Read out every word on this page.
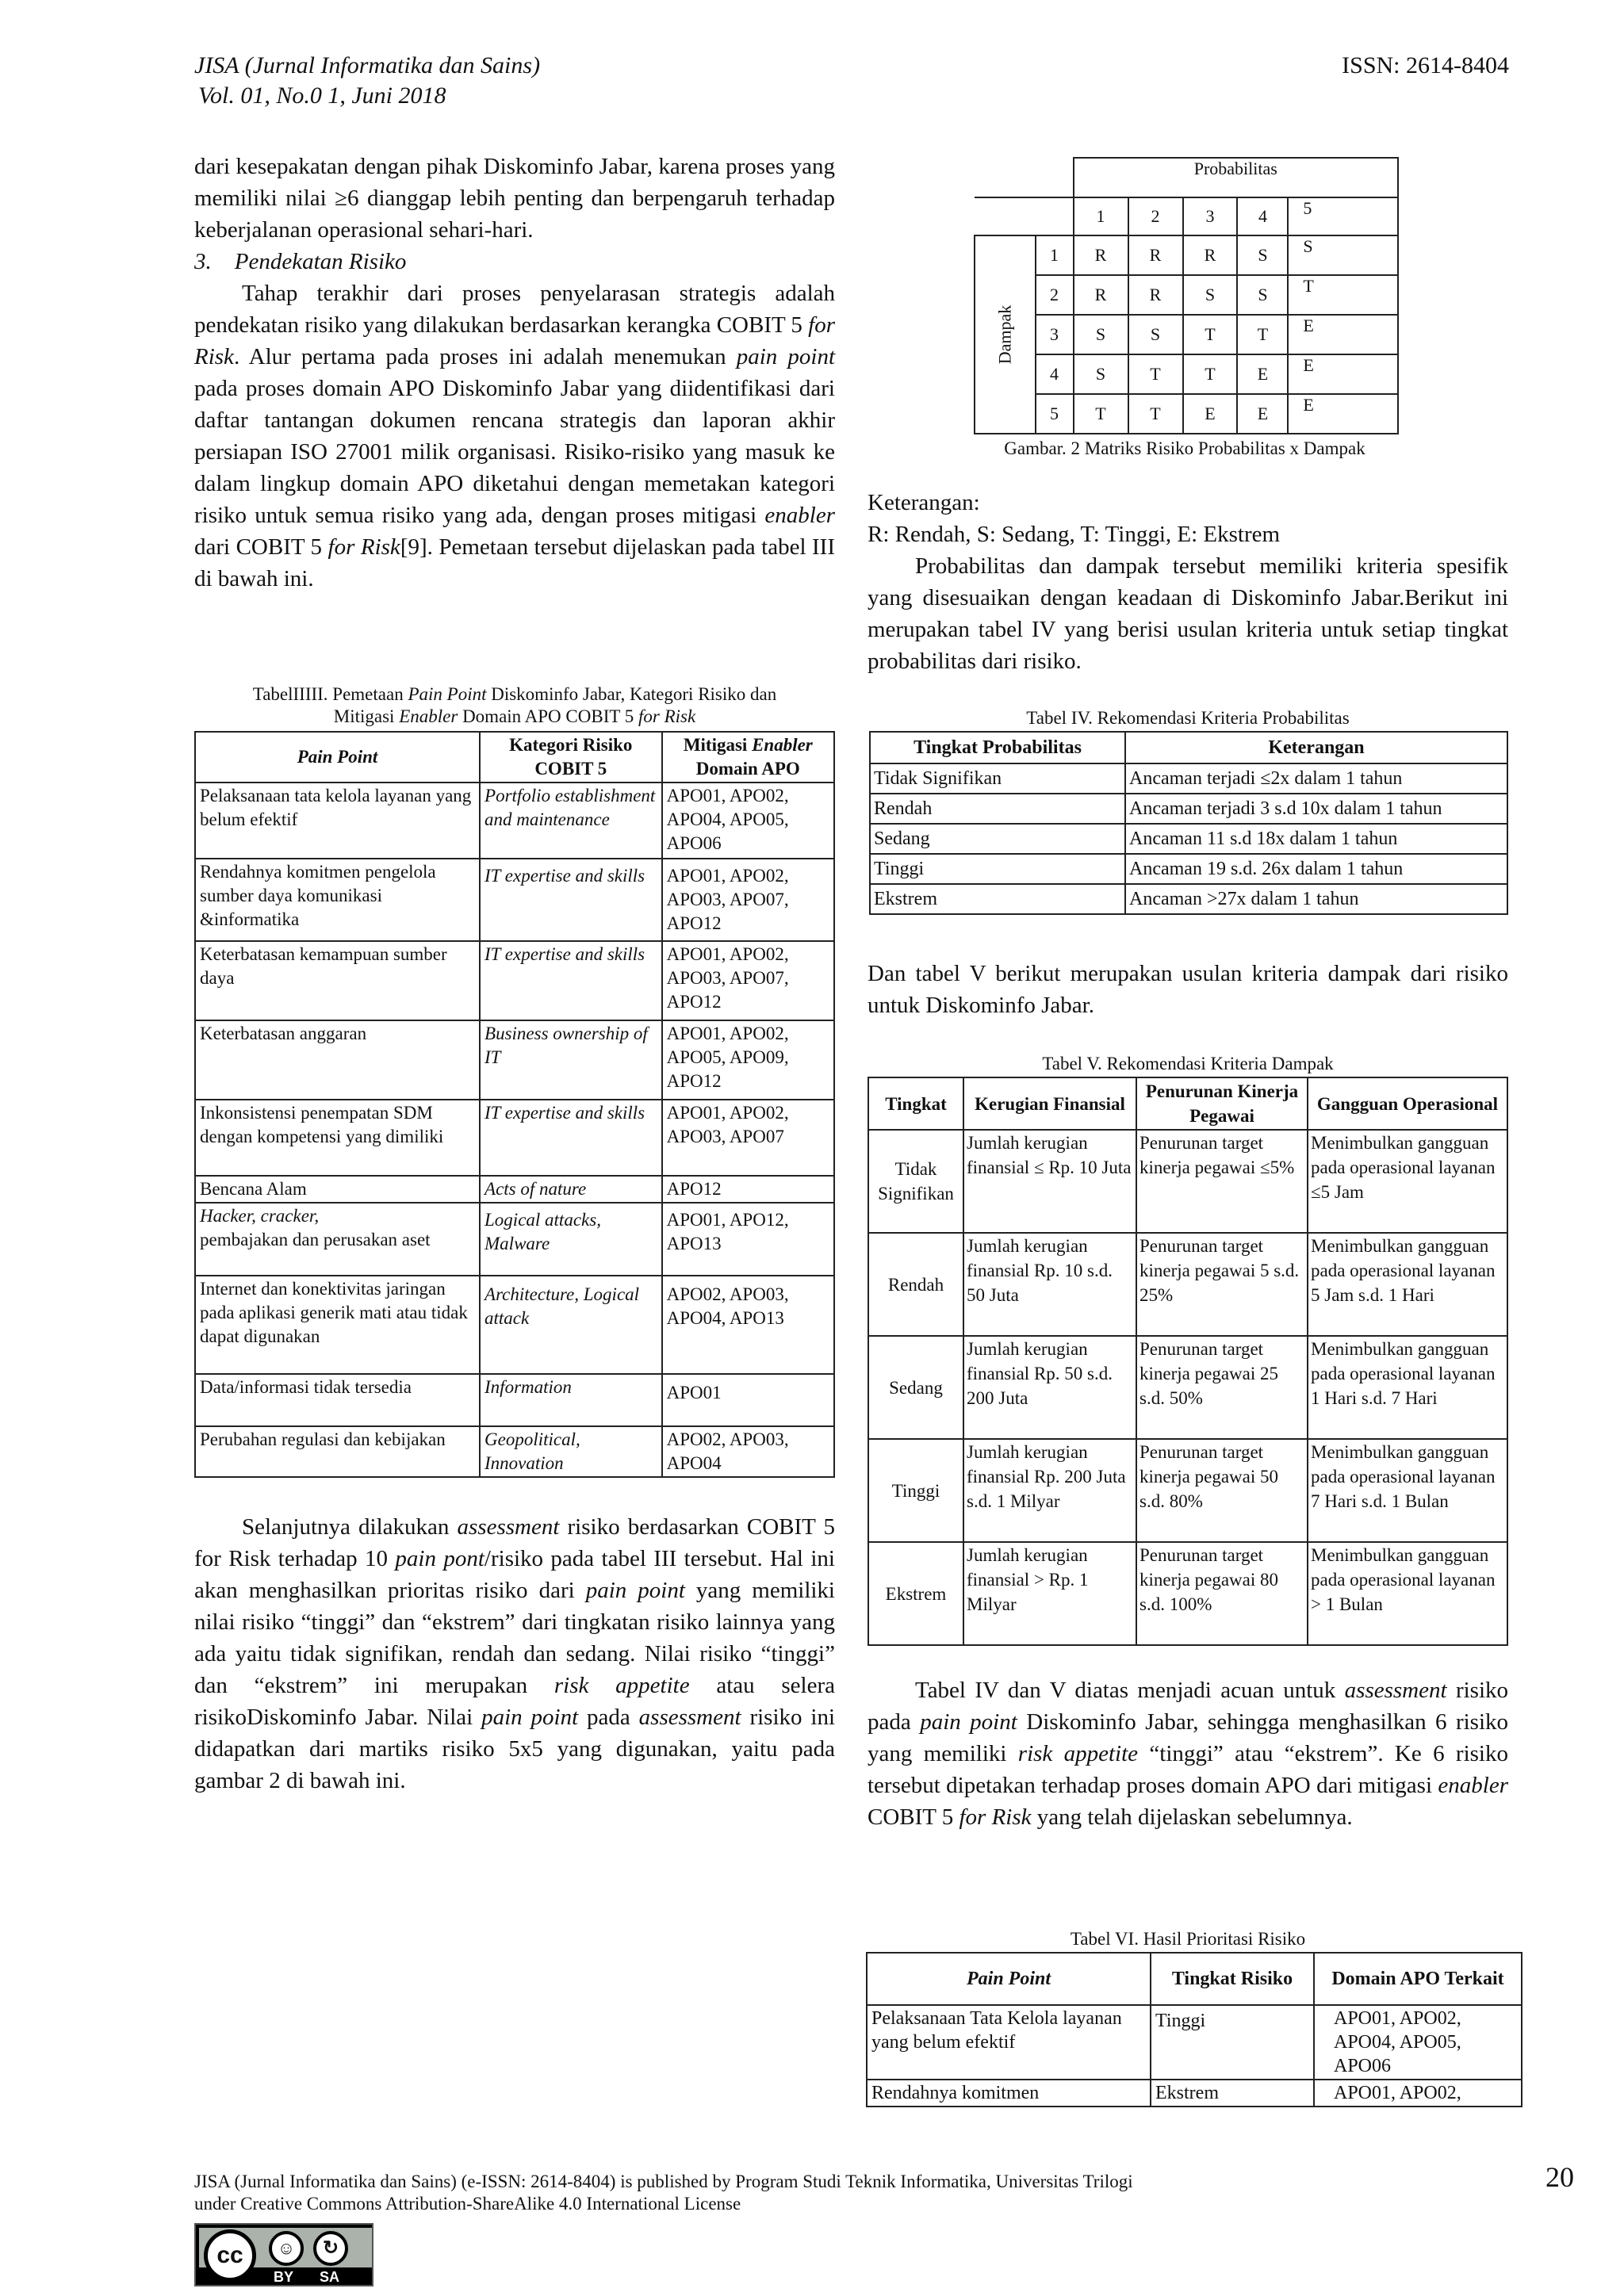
JISA (Jurnal Informatika dan Sains)
Vol. 01, No.0 1, Juni 2018
ISSN: 2614-8404

dari kesepakatan dengan pihak Diskominfo Jabar, karena proses yang memiliki nilai ≥6 dianggap lebih penting dan berpengaruh terhadap keberjalanan operasional sehari-hari.

3. Pendekatan Risiko

Tahap terakhir dari proses penyelarasan strategis adalah pendekatan risiko yang dilakukan berdasarkan kerangka COBIT 5 for Risk. Alur pertama pada proses ini adalah menemukan pain point pada proses domain APO Diskominfo Jabar yang diidentifikasi dari daftar tantangan dokumen rencana strategis dan laporan akhir persiapan ISO 27001 milik organisasi. Risiko-risiko yang masuk ke dalam lingkup domain APO diketahui dengan memetakan kategori risiko untuk semua risiko yang ada, dengan proses mitigasi enabler dari COBIT 5 for Risk[9]. Pemetaan tersebut dijelaskan pada tabel III di bawah ini.

TabelIIIII. Pemetaan Pain Point Diskominfo Jabar, Kategori Risiko dan
Mitigasi Enabler Domain APO COBIT 5 for Risk
Pain Point	Kategori Risiko COBIT 5	Mitigasi Enabler Domain APO
Pelaksanaan tata kelola layanan yang belum efektif	Portfolio establishment and maintenance	APO01, APO02, APO04, APO05, APO06
Rendahnya komitmen pengelola sumber daya komunikasi &informatika	IT expertise and skills	APO01, APO02, APO03, APO07, APO12
Keterbatasan kemampuan sumber daya	IT expertise and skills	APO01, APO02, APO03, APO07, APO12
Keterbatasan anggaran	Business ownership of IT	APO01, APO02, APO05, APO09, APO12
Inkonsistensi penempatan SDM dengan kompetensi yang dimiliki	IT expertise and skills	APO01, APO02, APO03, APO07
Bencana Alam	Acts of nature	APO12
Hacker, cracker,
pembajakan dan perusakan aset	Logical attacks, Malware	APO01, APO12, APO13
Internet dan konektivitas jaringan pada aplikasi generik mati atau tidak dapat digunakan	Architecture, Logical attack	APO02, APO03, APO04, APO13
Data/informasi tidak tersedia	Information	APO01
Perubahan regulasi dan kebijakan	Geopolitical, Innovation	APO02, APO03, APO04

Selanjutnya dilakukan assessment risiko berdasarkan COBIT 5 for Risk terhadap 10 pain pont/risiko pada tabel III tersebut. Hal ini akan menghasilkan prioritas risiko dari pain point yang memiliki nilai risiko “tinggi” dan “ekstrem” dari tingkatan risiko lainnya yang ada yaitu tidak signifikan, rendah dan sedang. Nilai risiko “tinggi” dan “ekstrem” ini merupakan risk appetite atau selera risikoDiskominfo Jabar. Nilai pain point pada assessment risiko ini didapatkan dari martiks risiko 5x5 yang digunakan, yaitu pada gambar 2 di bawah ini.

		Probabilitas				
		1	2	3	4	5

Dampak	1	R	R	R	S	S
	2	R	R	S	S	T
	3	S	S	T	T	E
	4	S	T	T	E	E
	5	T	T	E	E	E
Gambar. 2 Matriks Risiko Probabilitas x Dampak

Keterangan:

R: Rendah, S: Sedang, T: Tinggi, E: Ekstrem

Probabilitas dan dampak tersebut memiliki kriteria spesifik yang disesuaikan dengan keadaan di Diskominfo Jabar.Berikut ini merupakan tabel IV yang berisi usulan kriteria untuk setiap tingkat probabilitas dari risiko.

Tabel IV. Rekomendasi Kriteria Probabilitas
Tingkat Probabilitas	Keterangan
Tidak Signifikan	Ancaman terjadi ≤2x dalam 1 tahun
Rendah	Ancaman terjadi 3 s.d 10x dalam 1 tahun
Sedang	Ancaman 11 s.d 18x dalam 1 tahun
Tinggi	Ancaman 19 s.d. 26x dalam 1 tahun
Ekstrem	Ancaman >27x dalam 1 tahun

Dan tabel V berikut merupakan usulan kriteria dampak dari risiko untuk Diskominfo Jabar.

Tabel V. Rekomendasi Kriteria Dampak
Tingkat	Kerugian Finansial	Penurunan Kinerja Pegawai	Gangguan Operasional
Tidak Signifikan	Jumlah kerugian finansial ≤ Rp. 10 Juta	Penurunan target kinerja pegawai ≤5%	Menimbulkan gangguan pada operasional layanan ≤5 Jam
Rendah	Jumlah kerugian finansial Rp. 10 s.d. 50 Juta	Penurunan target kinerja pegawai 5 s.d. 25%	Menimbulkan gangguan pada operasional layanan 5 Jam s.d. 1 Hari
Sedang	Jumlah kerugian finansial Rp. 50 s.d. 200 Juta	Penurunan target kinerja pegawai 25 s.d. 50%	Menimbulkan gangguan pada operasional layanan 1 Hari s.d. 7 Hari
Tinggi	Jumlah kerugian finansial Rp. 200 Juta s.d. 1 Milyar	Penurunan target kinerja pegawai 50 s.d. 80%	Menimbulkan gangguan pada operasional layanan 7 Hari s.d. 1 Bulan
Ekstrem	Jumlah kerugian finansial > Rp. 1 Milyar	Penurunan target kinerja pegawai 80 s.d. 100%	Menimbulkan gangguan pada operasional layanan > 1 Bulan

Tabel IV dan V diatas menjadi acuan untuk assessment risiko pada pain point Diskominfo Jabar, sehingga menghasilkan 6 risiko yang memiliki risk appetite “tinggi” atau “ekstrem”. Ke 6 risiko tersebut dipetakan terhadap proses domain APO dari mitigasi enabler COBIT 5 for Risk yang telah dijelaskan sebelumnya.

Tabel VI. Hasil Prioritasi Risiko
Pain Point	Tingkat Risiko	Domain APO Terkait
Pelaksanaan Tata Kelola layanan yang belum efektif	Tinggi	APO01, APO02, APO04, APO05, APO06
Rendahnya komitmen	Ekstrem	APO01, APO02,
JISA (Jurnal Informatika dan Sains) (e-ISSN: 2614-8404) is published by Program Studi Teknik Informatika, Universitas Trilogi
under Creative Commons Attribution-ShareAlike 4.0 International License
cc	☺	↻
BY SA
20
